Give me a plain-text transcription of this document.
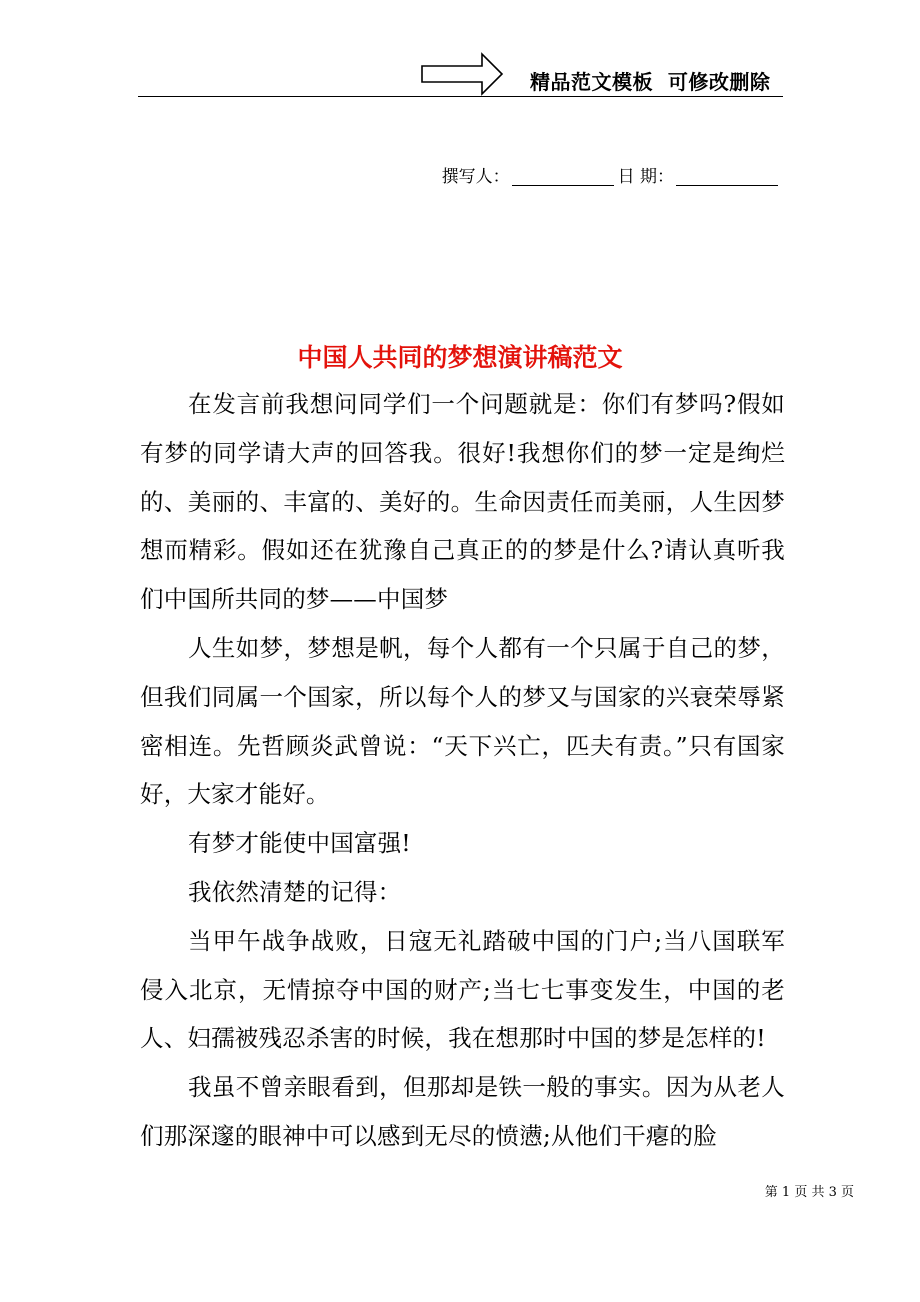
精品范文模板  可修改删除
撰写人：	日 期：
中国人共同的梦想演讲稿范文

在发言前我想问同学们一个问题就是：你们有梦吗?假如有梦的同学请大声的回答我。很好!我想你们的梦一定是绚烂的、美丽的、丰富的、美好的。生命因责任而美丽，人生因梦想而精彩。假如还在犹豫自己真正的的梦是什么?请认真听我们中国所共同的梦——中国梦

人生如梦，梦想是帆，每个人都有一个只属于自己的梦，但我们同属一个国家，所以每个人的梦又与国家的兴衰荣辱紧密相连。先哲顾炎武曾说：“天下兴亡，匹夫有责。”只有国家好，大家才能好。

有梦才能使中国富强!

我依然清楚的记得：

当甲午战争战败，日寇无礼踏破中国的门户;当八国联军侵入北京，无情掠夺中国的财产;当七七事变发生，中国的老人、妇孺被残忍杀害的时候，我在想那时中国的梦是怎样的!

我虽不曾亲眼看到，但那却是铁一般的事实。因为从老人们那深邃的眼神中可以感到无尽的愤懑;从他们干瘪的脸

第 1 页 共 3 页
